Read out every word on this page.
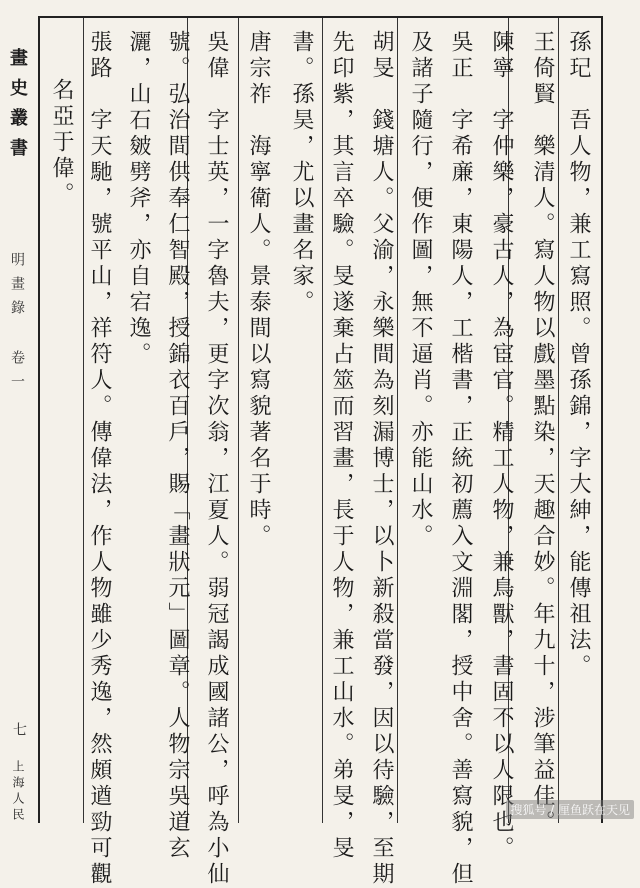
孫玘　吾人物，兼工寫照。曾孫錦，字大紳，能傳祖法。
王倚賢　樂清人。寫人物以戲墨點染，天趣合妙。年九十，涉筆益佳。
陳寧　字仲樂，豪古人，為宦官。精工人物，兼鳥獸，書固不以人限也。
吳正　字希亷，東陽人，工楷書，正統初薦入文淵閣，授中舍。善寫貌，但
及諸子隨行，便作圖，無不逼肖。亦能山水。
胡旻　錢塘人。父渝，永樂間為刻漏博士，以卜新殺當發，因以待驗，至期
先印紫，其言卒驗。旻遂棄占筮而習畫，長于人物，兼工山水。弟旻，旻
書。孫昊，尤以畫名家。
唐宗祚　海寧衛人。景泰間以寫貌著名于時。
吳偉　字士英，一字魯夫，更字次翁，江夏人。弱冠謁成國諸公，呼為小仙
號。弘治間供奉仁智殿，授錦衣百戶，賜「畫狀元」圖章。人物宗吳道玄
灑，山石皴劈斧，亦自宕逸。
張路　字天馳，號平山，祥符人。傳偉法，作人物雖少秀逸，然頗遒勁可觀
名亞于偉。
畫史叢書
明畫錄 卷一
七
上海人民	搜狐号 / 厘鱼跃在天见
